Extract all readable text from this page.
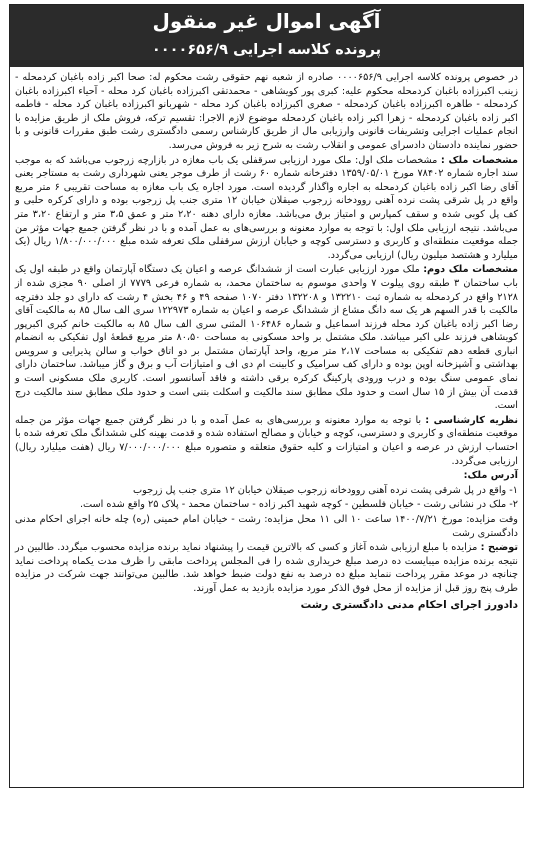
آگهی اموال غیر منقول
پرونده کلاسه اجرایی ۰۰۰۰۶۵۶/۹

در خصوص پرونده کلاسه اجرایی ۰۰۰۰۶۵۶/۹ صادره از شعبه نهم حقوقی رشت محکوم له: صحا اکبر زاده باغبان کردمحله - زینب اکبرزاده باغبان کردمحله محکوم علیه: کبری پور کویشاهی - محمدتقی اکبرزاده باغبان کرد محله - آحیاء اکبرزاده باغبان کردمحله - طاهره اکبرزاده باغبان کردمحله - صغری اکبرزاده باغبان کرد محله - شهربانو اکبرزاده باغبان کرد محله - فاطمه اکبر زاده باغبان کردمحله - زهرا اکبر زاده باغبان کردمحله موضوع لازم الاجرا: تقسیم ترکه، فروش ملک از طریق مزایده با انجام عملیات اجرایی وتشریفات قانونی وارزیابی مال از طریق کارشناس رسمی دادگستری رشت طبق مقررات قانونی و با حضور نماینده دادستان دادسرای عمومی و انقلاب رشت به شرح زیر به فروش می‌رسد.

مشخصات ملک : مشخصات ملک اول: ملک مورد ارزیابی سرقفلی یک باب مغازه در بازارچه زرجوب می‌باشد که به موجب سند اجاره شماره ۷۸۴۰۲ مورخ ۱۳۵۹/۰۵/۰۱ دفترخانه شماره ۶۰ رشت از طرف موجر یعنی شهرداری رشت به مستاجر یعنی آقای رضا اکبر زاده باغبان کردمحله به اجاره واگذار گردیده است. مورد اجاره یک باب مغازه به مساحت تقریبی ۶ متر مربع واقع در پل شرقی پشت نرده آهنی روودخانه زرجوب صیقلان خیابان ۱۲ متری جنب پل زرجوب بوده و دارای کرکره حلبی و کف پل کوبی شده و سقف کمپارس و امتیاز برق می‌باشد. مغازه دارای دهنه ۲،۲۰ متر و عمق ۳،۵ متر و ارتفاع ۳،۲۰ متر می‌باشد. نتیجه ارزیابی ملک اول: با توجه به موارد معنونه و بررسی‌های به عمل آمده و با در نظر گرفتن جمیع جهات مؤثر من جمله موقعیت منطقه‌ای و کاربری و دسترسی کوچه و خیابان ارزش سرقفلی ملک تعرفه شده مبلغ ۱/۸۰۰/۰۰۰/۰۰۰ ریال (یک میلیارد و هشتصد میلیون ریال) ارزیابی می‌گردد.

مشخصات ملک دوم: ملک مورد ارزیابی عبارت است از ششدانگ عرصه و اعیان یک دستگاه آپارتمان واقع در طبقه اول یک باب ساختمان ۳ طبقه روی پیلوت ۷ واحدی موسوم به ساختمان محمد، به شماره فرعی ۷۷۷۹ از اصلی ۹۰ مجزی شده از ۲۱۲۸ واقع در کردمحله به شماره ثبت ۱۳۲۲۱۰ و ۱۳۲۲۰۸ دفتر ۱۰۷۰ صفحه ۴۹ و ۴۶ بخش ۴ رشت که دارای دو جلد دفترچه مالکیت با قدر السهم هر یک سه دانگ مشاع از ششدانگ عرصه و اعیان به شماره ۱۲۲۹۷۳ سری الف سال ۸۵ به مالکیت آقای رضا اکبر زاده باغبان کرد محله فرزند اسماعیل و شماره ۱۰۶۴۸۶ المثنی سری الف سال ۸۵ به مالکیت خانم کبری اکبرپور کویشاهی فرزند علی اکبر میباشد. ملک مشتمل بر واحد مسکونی به مساحت ۸۰،۵۰ متر مربع قطعهٔ اول تفکیکی به انضمام انباری قطعه دهم تفکیکی به مساحت ۲،۱۷ متر مربع، واحد آپارتمان مشتمل بر دو اتاق خواب و سالن پذیرایی و سرویس بهداشتی و آشپزخانه اوپن بوده و دارای کف سرامیک و کابینت ام دی اف و امتیازات آب و برق و گاز میباشد. ساختمان دارای نمای عمومی سنگ بوده و درب ورودی پارکینگ کرکره برقی داشته و فاقد آسانسور است. کاربری ملک مسکونی است و قدمت آن بیش از ۱۵ سال است و حدود ملک مطابق سند مالکیت و اسکلت بتنی است و حدود ملک مطابق سند مالکیت درج است.

نظریه کارشناسی : با توجه به موارد معنونه و بررسی‌های به عمل آمده و با در نظر گرفتن جمیع جهات مؤثر من جمله موقعیت منطقه‌ای و کاربری و دسترسی، کوچه و خیابان و مصالح استفاده شده و قدمت بهینه کلی ششدانگ ملک تعرفه شده با احتساب ارزش در عرصه و اعیان و امتیازات و کلیه حقوق متعلقه و متصوره مبلغ ۷/۰۰۰/۰۰۰/۰۰۰ ریال (هفت میلیارد ریال) ارزیابی می‌گردد.

آدرس ملک:

۱- واقع در پل شرقی پشت نرده آهنی روودخانه زرجوب صیقلان خیابان ۱۲ متری جنب پل زرجوب

۲- ملک در نشانی رشت - خیابان فلسطین - کوچه شهید اکبر زاده - ساختمان محمد - پلاک ۲۵ واقع شده است.

وقت مزایده: مورخ ۱۴۰۰/۷/۲۱ ساعت ۱۰ الی ۱۱ محل مزایده: رشت - خیابان امام خمینی (ره) چله خانه اجرای احکام مدنی دادگستری رشت

توضیح : مزایده با مبلغ ارزیابی شده آغاز و کسی که بالاترین قیمت را پیشنهاد نماید برنده مزایده محسوب میگردد. طالبین در نتیجه برنده مزایده میبایست ده درصد مبلغ خریداری شده را فی المجلس پرداخت مابقی را ظرف مدت یکماه پرداخت نماید چنانچه در موعد مقرر پرداخت ننماید مبلغ ده درصد به نفع دولت ضبط خواهد شد. طالبین می‌توانند جهت شرکت در مزایده طرف پنج روز قبل از مزایده از محل فوق الذکر مورد مزایده بازدید به عمل آورند.

دادورز اجرای احکام مدنی دادگستری رشت
